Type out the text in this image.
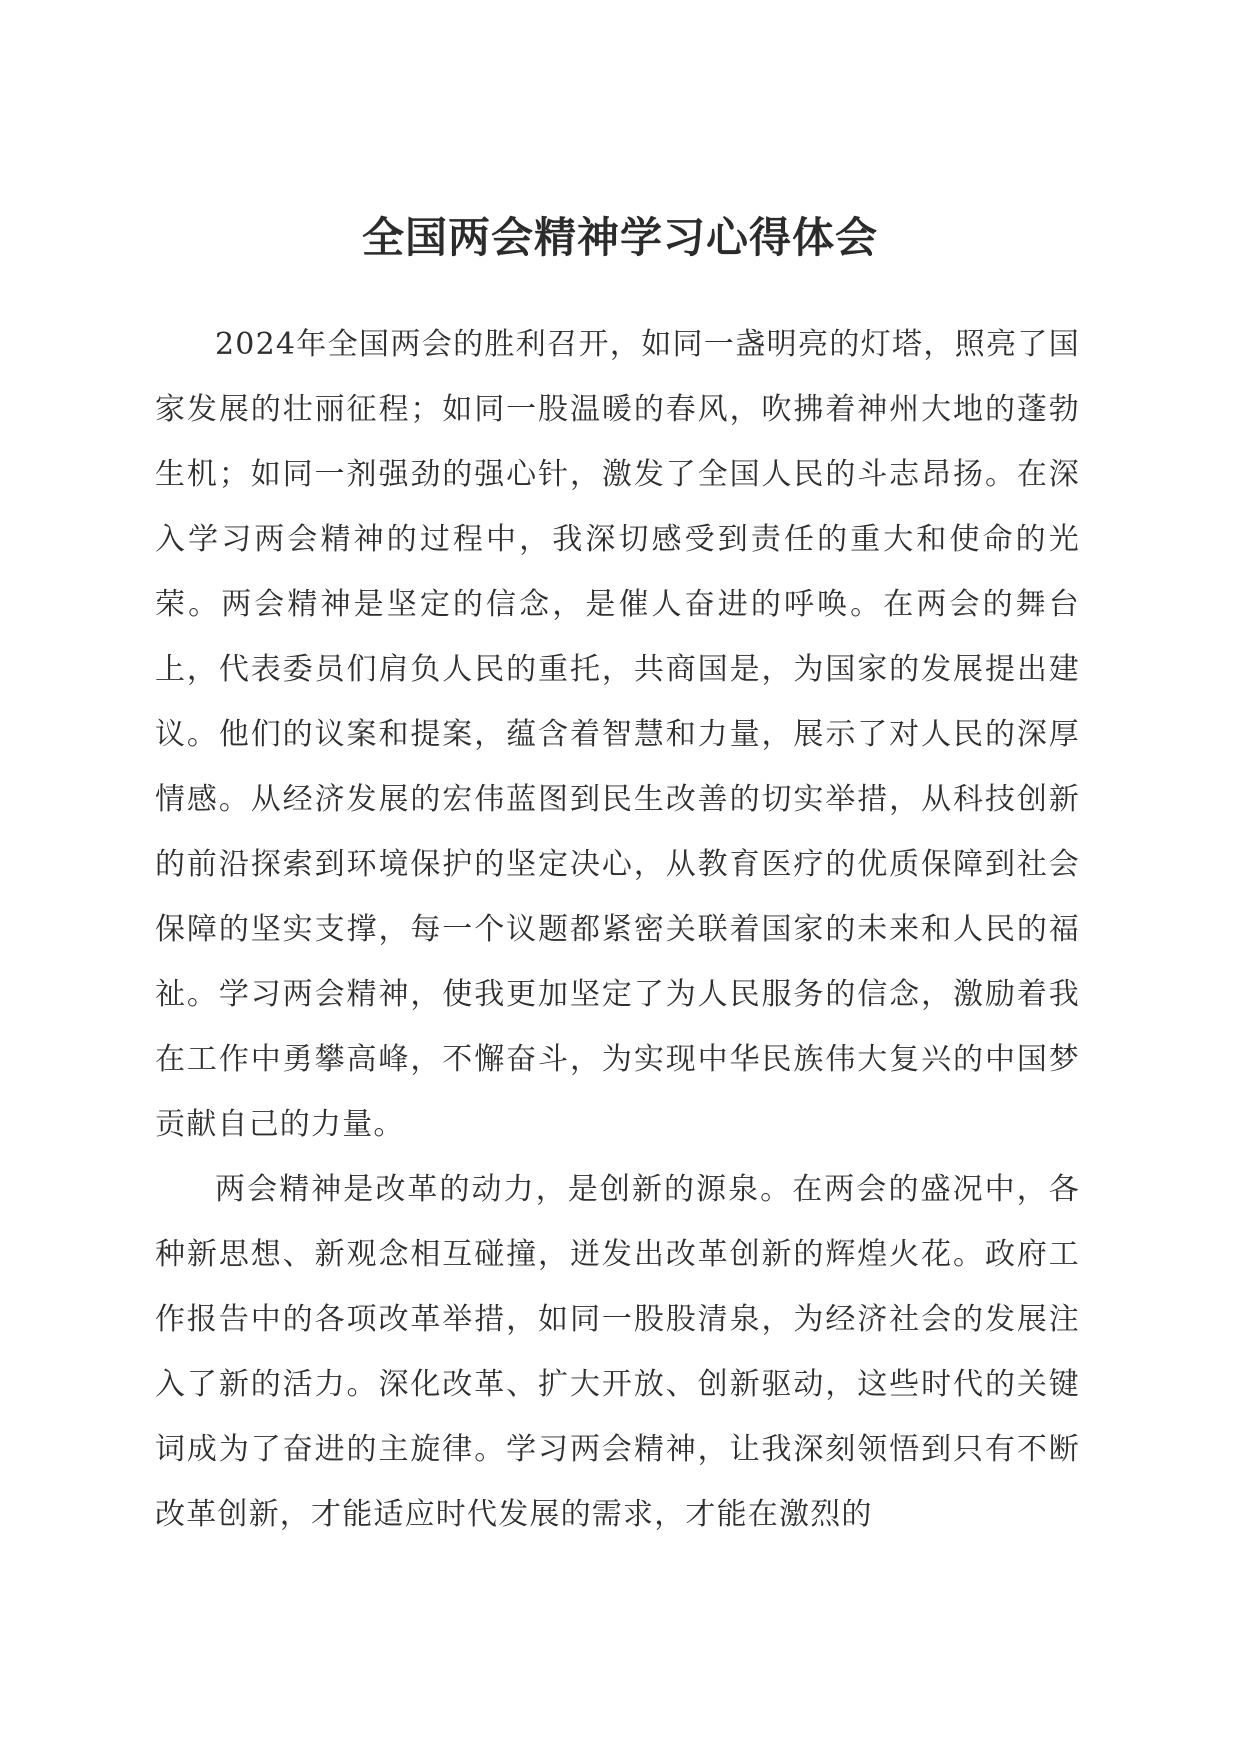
全国两会精神学习心得体会

2024年全国两会的胜利召开，如同一盏明亮的灯塔，照亮了国家发展的壮丽征程；如同一股温暖的春风，吹拂着神州大地的蓬勃生机；如同一剂强劲的强心针，激发了全国人民的斗志昂扬。在深入学习两会精神的过程中，我深切感受到责任的重大和使命的光荣。两会精神是坚定的信念，是催人奋进的呼唤。在两会的舞台上，代表委员们肩负人民的重托，共商国是，为国家的发展提出建议。他们的议案和提案，蕴含着智慧和力量，展示了对人民的深厚情感。从经济发展的宏伟蓝图到民生改善的切实举措，从科技创新的前沿探索到环境保护的坚定决心，从教育医疗的优质保障到社会保障的坚实支撑，每一个议题都紧密关联着国家的未来和人民的福祉。学习两会精神，使我更加坚定了为人民服务的信念，激励着我在工作中勇攀高峰，不懈奋斗，为实现中华民族伟大复兴的中国梦贡献自己的力量。

两会精神是改革的动力，是创新的源泉。在两会的盛况中，各种新思想、新观念相互碰撞，迸发出改革创新的辉煌火花。政府工作报告中的各项改革举措，如同一股股清泉，为经济社会的发展注入了新的活力。深化改革、扩大开放、创新驱动，这些时代的关键词成为了奋进的主旋律。学习两会精神，让我深刻领悟到只有不断改革创新，才能适应时代发展的需求，才能在激烈的
